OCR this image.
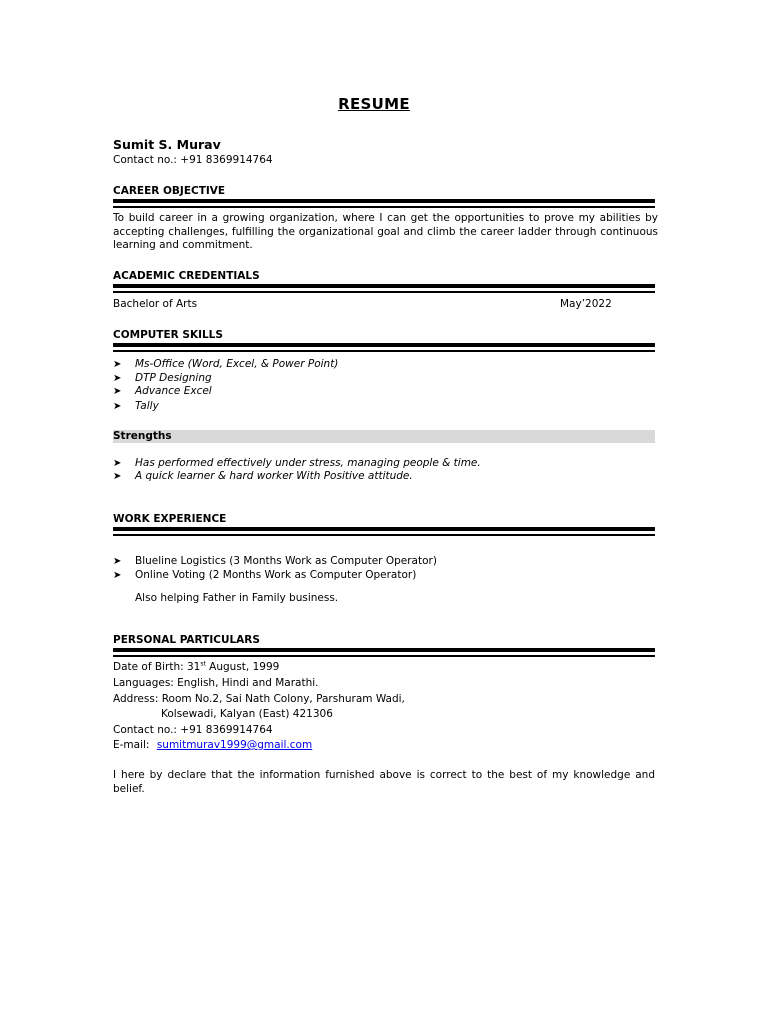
RESUME
Sumit S. Murav
Contact no.: +91 8369914764
CAREER OBJECTIVE
To build career in a growing organization, where I can get the opportunities to prove my abilities by accepting challenges, fulfilling the organizational goal and climb the career ladder through continuous learning and commitment.
ACADEMIC CREDENTIALS
Bachelor of Arts	May’2022
COMPUTER SKILLS
➤ Ms-Office (Word, Excel, & Power Point)
➤ DTP Designing
➤ Advance Excel
➤ Tally
Strengths
➤ Has performed effectively under stress, managing people & time.
➤ A quick learner & hard worker With Positive attitude.
WORK EXPERIENCE
➤ Blueline Logistics (3 Months Work as Computer Operator)
➤ Online Voting (2 Months Work as Computer Operator)
Also helping Father in Family business.
PERSONAL PARTICULARS
Date of Birth: 31st August, 1999
Languages: English, Hindi and Marathi.
Address: Room No.2, Sai Nath Colony, Parshuram Wadi,
Kolsewadi, Kalyan (East) 421306
Contact no.: +91 8369914764
E-mail: sumitmurav1999@gmail.com
I here by declare that the information furnished above is correct to the best of my knowledge and belief.
